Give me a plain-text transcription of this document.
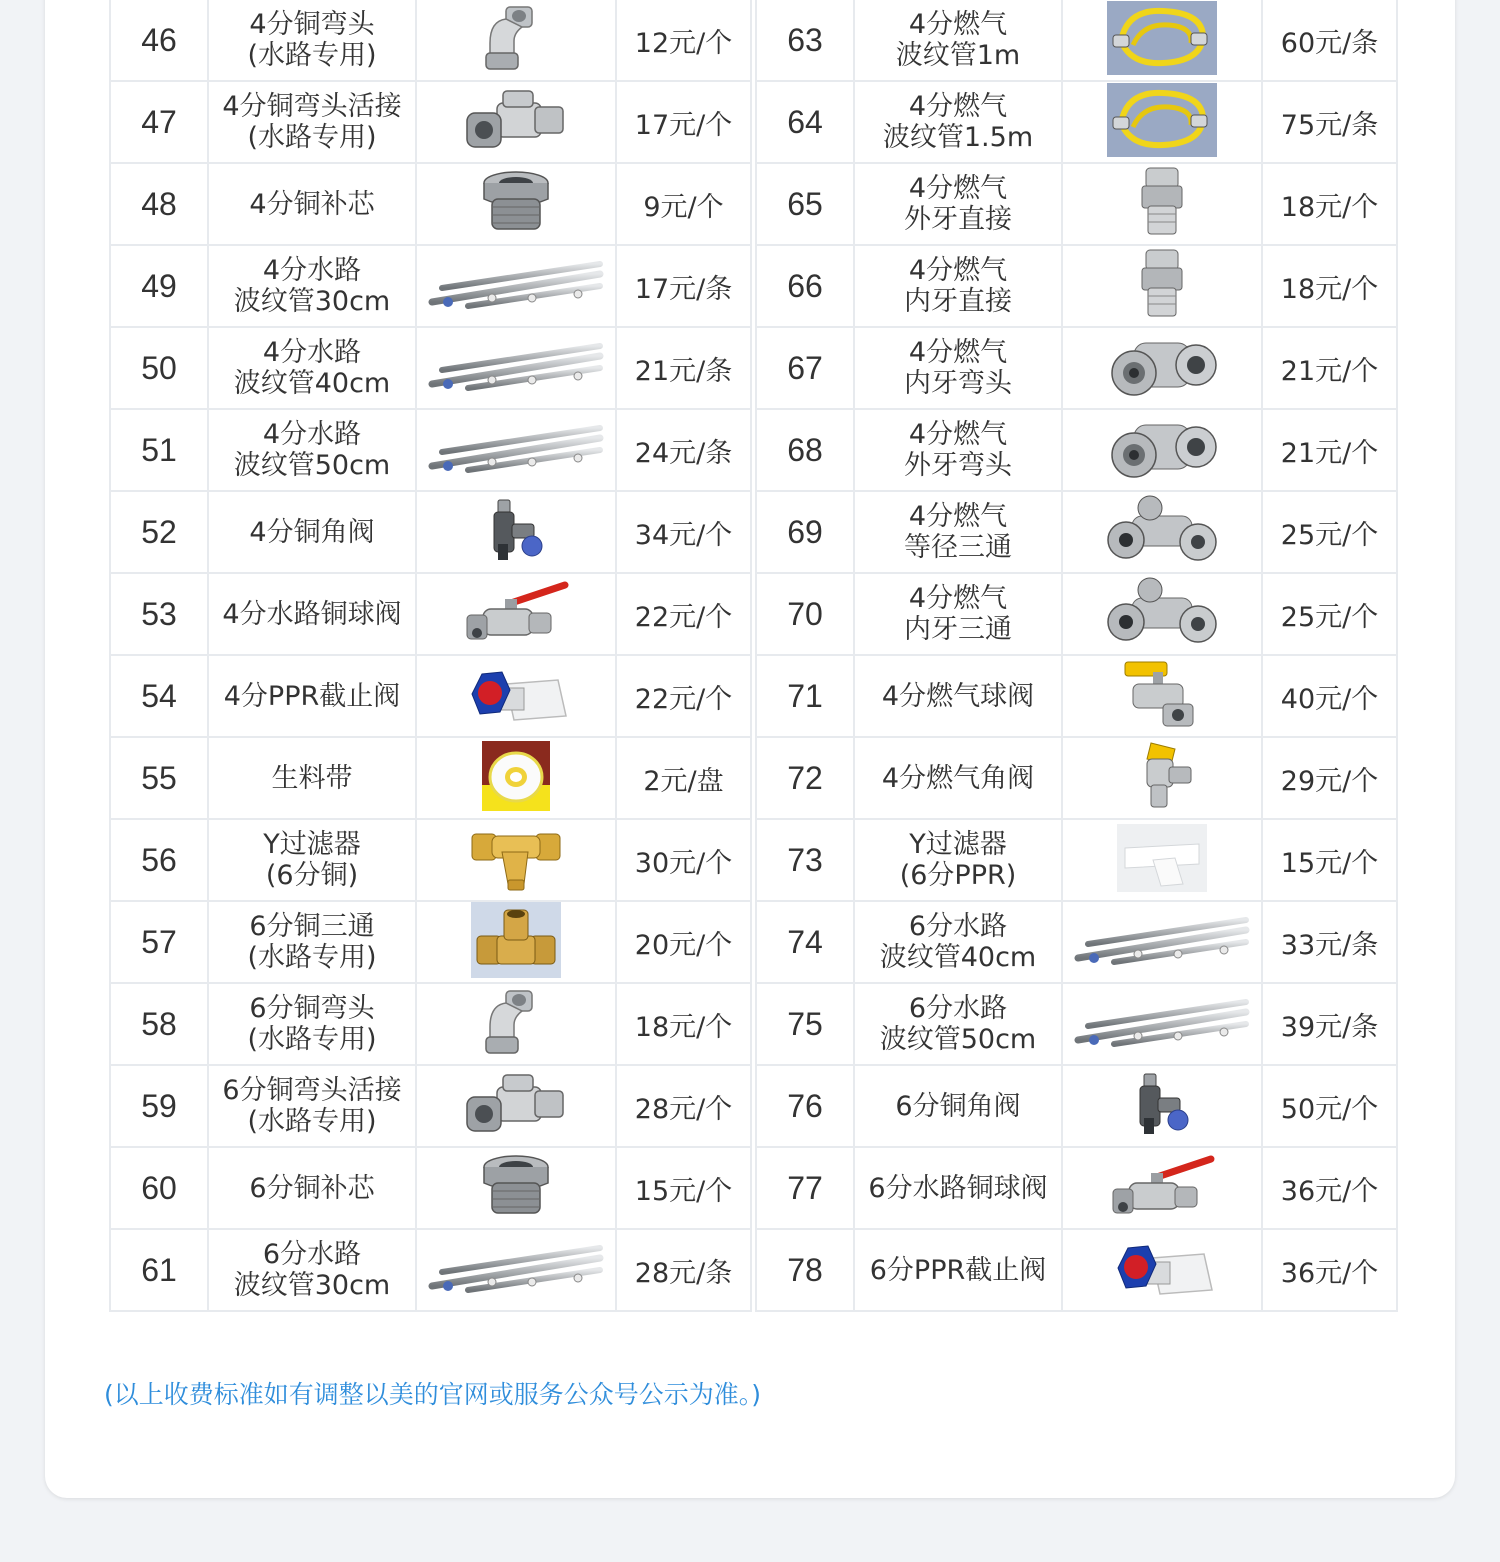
46	4分铜弯头
(水路专用)		12元/个
47	4分铜弯头活接
(水路专用)		17元/个
48	4分铜补芯		9元/个
49	4分水路
波纹管30cm		17元/条
50	4分水路
波纹管40cm		21元/条
51	4分水路
波纹管50cm		24元/条
52	4分铜角阀		34元/个
53	4分水路铜球阀		22元/个
54	4分PPR截止阀		22元/个
55	生料带		2元/盘
56	Y过滤器
(6分铜)		30元/个
57	6分铜三通
(水路专用)		20元/个
58	6分铜弯头
(水路专用)		18元/个
59	6分铜弯头活接
(水路专用)		28元/个
60	6分铜补芯		15元/个
61	6分水路
波纹管30cm		28元/条
63	4分燃气
波纹管1m		60元/条
64	4分燃气
波纹管1.5m		75元/条
65	4分燃气
外牙直接		18元/个
66	4分燃气
内牙直接		18元/个
67	4分燃气
内牙弯头		21元/个
68	4分燃气
外牙弯头		21元/个
69	4分燃气
等径三通		25元/个
70	4分燃气
内牙三通		25元/个
71	4分燃气球阀		40元/个
72	4分燃气角阀		29元/个
73	Y过滤器
(6分PPR)		15元/个
74	6分水路
波纹管40cm		33元/条
75	6分水路
波纹管50cm		39元/条
76	6分铜角阀		50元/个
77	6分水路铜球阀		36元/个
78	6分PPR截止阀		36元/个
(以上收费标准如有调整以美的官网或服务公众号公示为准。)
